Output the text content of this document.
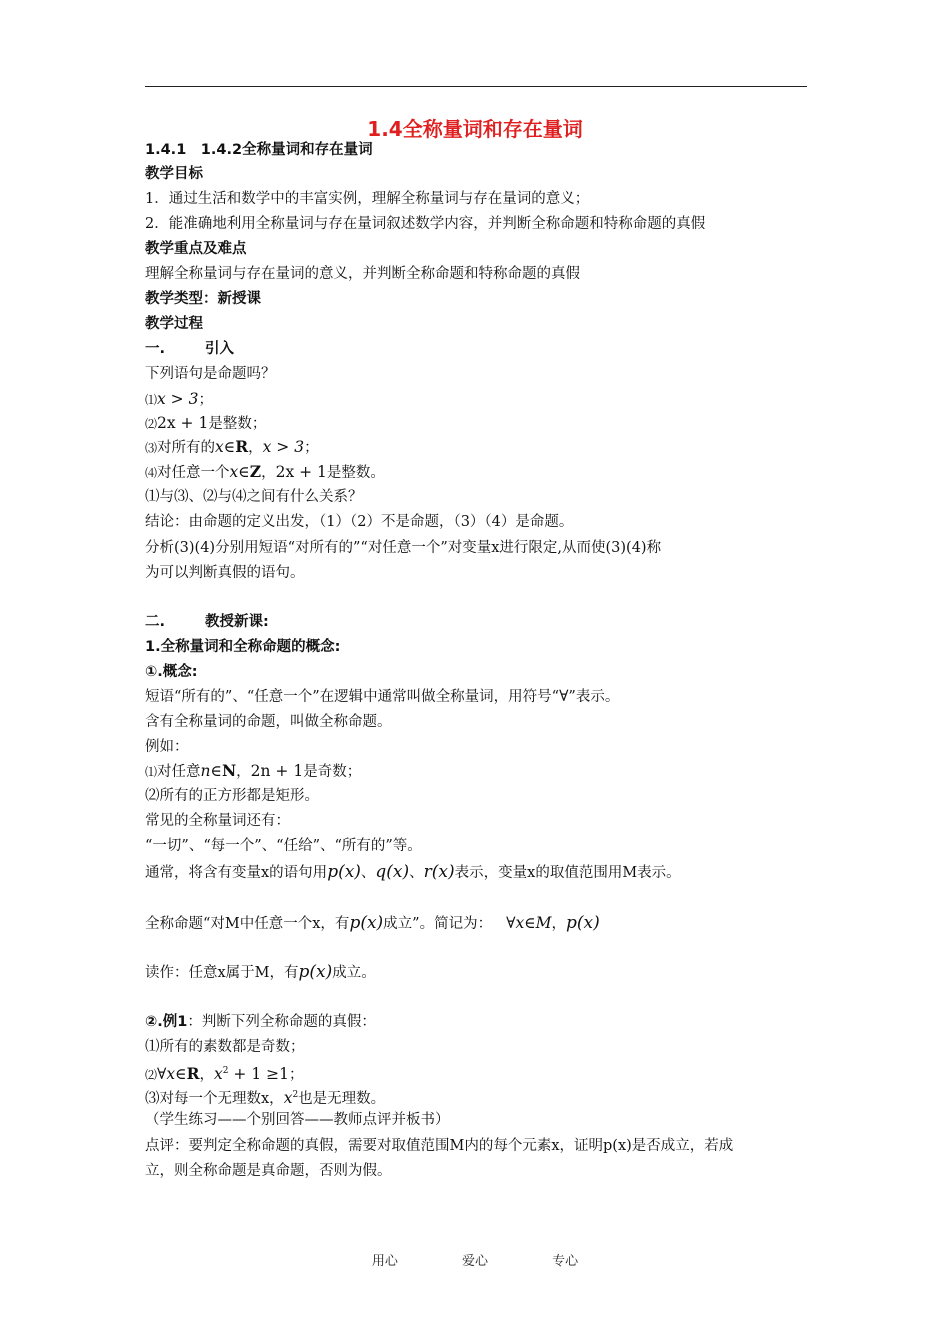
1.4全称量词和存在量词
1.4.1　1.4.2全称量词和存在量词
教学目标
1．通过生活和数学中的丰富实例，理解全称量词与存在量词的意义；
2．能准确地利用全称量词与存在量词叙述数学内容，并判断全称命题和特称命题的真假
教学重点及难点
理解全称量词与存在量词的意义，并判断全称命题和特称命题的真假
教学类型：新授课
教学过程
一.	引入
下列语句是命题吗？
⑴x > 3；
⑵2x + 1是整数；
⑶对所有的x∈R，x > 3；
⑷对任意一个x∈Z，2x + 1是整数。
⑴与⑶、⑵与⑷之间有什么关系？
结论：由命题的定义出发，（1）（2）不是命题，（3）（4）是命题。
分析(3)(4)分别用短语“对所有的”“对任意一个”对变量x进行限定,从而使(3)(4)称
为可以判断真假的语句。
二.	教授新课:
1.全称量词和全称命题的概念:
①.概念:
短语“所有的”、“任意一个”在逻辑中通常叫做全称量词，用符号“∀”表示。
含有全称量词的命题，叫做全称命题。
例如：
⑴对任意n∈N，2n + 1是奇数；
⑵所有的正方形都是矩形。
常见的全称量词还有：
“一切”、“每一个”、“任给”、“所有的”等。
通常，将含有变量x的语句用p(x)、q(x)、r(x)表示，变量x的取值范围用M表示。
全称命题“对M中任意一个x，有p(x)成立”。简记为： ∀x∈M，p(x)
读作：任意x属于M，有p(x)成立。
②.例1：判断下列全称命题的真假：
⑴所有的素数都是奇数；
⑵∀x∈R，$x^2 + 1 \ge 1$；
⑶对每一个无理数x，$x^2$也是无理数。
（学生练习——个别回答——教师点评并板书）
点评：要判定全称命题的真假，需要对取值范围M内的每个元素x，证明p(x)是否成立，若成
立，则全称命题是真命题，否则为假。
用心	爱心	专心
